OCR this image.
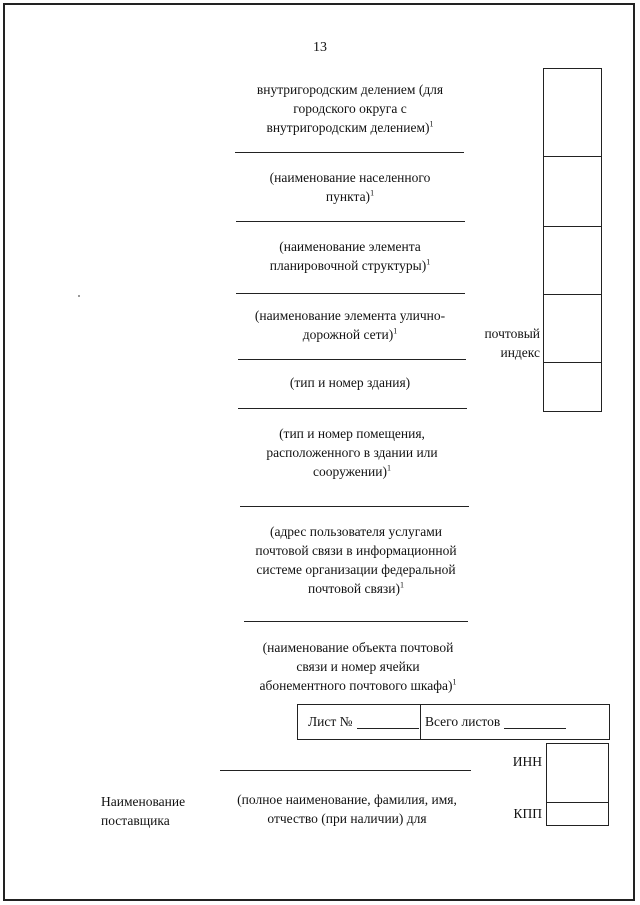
13
внутригородским делением (для
городского округа с
внутригородским делением)$^1$
(наименование населенного
пункта)$^1$
(наименование элемента
планировочной структуры)$^1$
(наименование элемента улично-
дорожной сети)$^1$
(тип и номер здания)
(тип и номер помещения,
расположенного в здании или
сооружении)$^1$
(адрес пользователя услугами
почтовой связи в информационной
системе организации федеральной
почтовой связи)$^1$
(наименование объекта почтовой
связи и номер ячейки
абонементного почтового шкафа)$^1$
почтовый
индекс
Лист №	Всего листов
ИНН
КПП
Наименование
поставщика
(полное наименование, фамилия, имя,
отчество (при наличии) для
